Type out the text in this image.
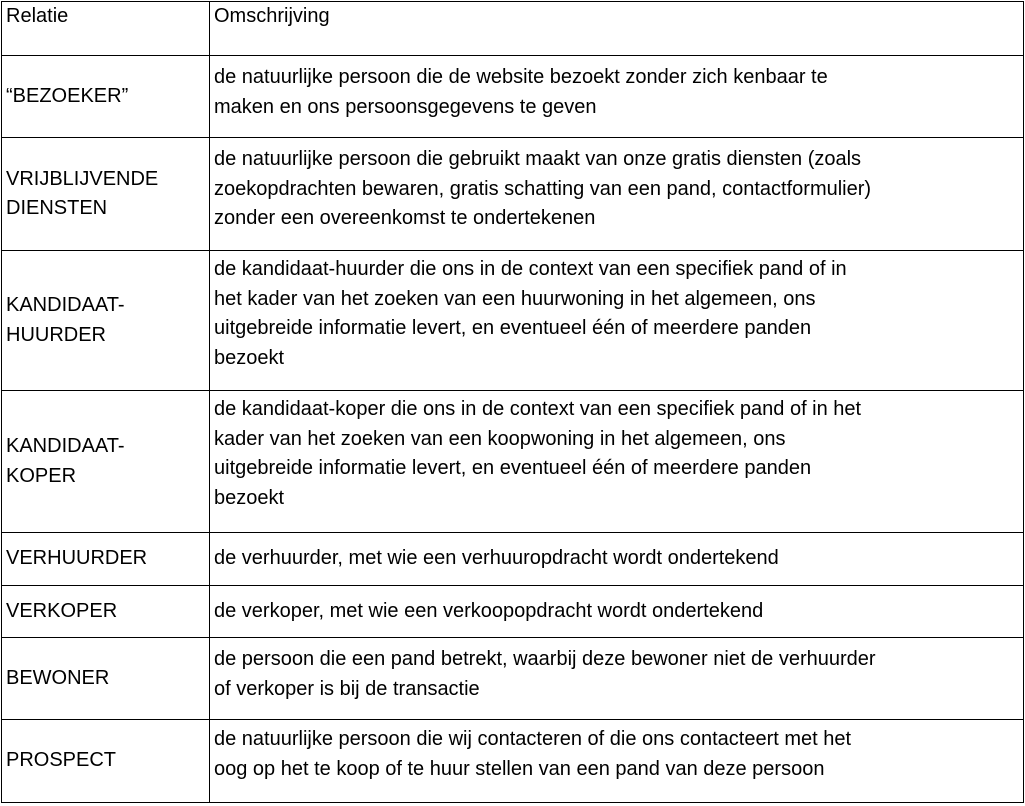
Relatie	Omschrijving

“BEZOEKER”	de natuurlijke persoon die de website bezoekt zonder zich kenbaar te
maken en ons persoonsgegevens te geven

VRIJBLIJVENDE
DIENSTEN	de natuurlijke persoon die gebruikt maakt van onze gratis diensten (zoals
zoekopdrachten bewaren, gratis schatting van een pand, contactformulier)
zonder een overeenkomst te ondertekenen

KANDIDAAT-
HUURDER	de kandidaat-huurder die ons in de context van een specifiek pand of in
het kader van het zoeken van een huurwoning in het algemeen, ons
uitgebreide informatie levert, en eventueel één of meerdere panden
bezoekt

KANDIDAAT-
KOPER	de kandidaat-koper die ons in de context van een specifiek pand of in het
kader van het zoeken van een koopwoning in het algemeen, ons
uitgebreide informatie levert, en eventueel één of meerdere panden
bezoekt

VERHUURDER	de verhuurder, met wie een verhuuropdracht wordt ondertekend

VERKOPER	de verkoper, met wie een verkoopopdracht wordt ondertekend

BEWONER	de persoon die een pand betrekt, waarbij deze bewoner niet de verhuurder
of verkoper is bij de transactie

PROSPECT	de natuurlijke persoon die wij contacteren of die ons contacteert met het
oog op het te koop of te huur stellen van een pand van deze persoon
